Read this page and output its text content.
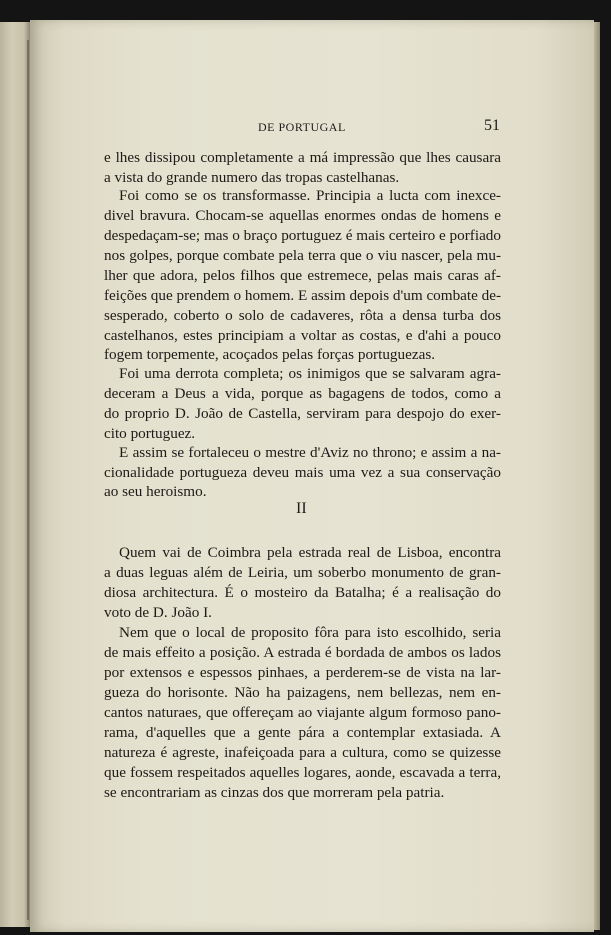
DE PORTUGAL	51
e lhes dissipou completamente a má impressão que lhes causara
a vista do grande numero das tropas castelhanas.
Foi como se os transformasse. Principia a lucta com inexce-
divel bravura. Chocam-se aquellas enormes ondas de homens e
despedaçam-se; mas o braço portuguez é mais certeiro e porfiado
nos golpes, porque combate pela terra que o viu nascer, pela mu-
lher que adora, pelos filhos que estremece, pelas mais caras af-
feições que prendem o homem. E assim depois d'um combate de-
sesperado, coberto o solo de cadaveres, rôta a densa turba dos
castelhanos, estes principiam a voltar as costas, e d'ahi a pouco
fogem torpemente, acoçados pelas forças portuguezas.
Foi uma derrota completa; os inimigos que se salvaram agra-
deceram a Deus a vida, porque as bagagens de todos, como a
do proprio D. João de Castella, serviram para despojo do exer-
cito portuguez.
E assim se fortaleceu o mestre d'Aviz no throno; e assim a na-
cionalidade portugueza deveu mais uma vez a sua conservação
ao seu heroismo.
II
Quem vai de Coimbra pela estrada real de Lisboa, encontra
a duas leguas além de Leiria, um soberbo monumento de gran-
diosa architectura. É o mosteiro da Batalha; é a realisação do
voto de D. João I.
Nem que o local de proposito fôra para isto escolhido, seria
de mais effeito a posição. A estrada é bordada de ambos os lados
por extensos e espessos pinhaes, a perderem-se de vista na lar-
gueza do horisonte. Não ha paizagens, nem bellezas, nem en-
cantos naturaes, que offereçam ao viajante algum formoso pano-
rama, d'aquelles que a gente pára a contemplar extasiada. A
natureza é agreste, inafeiçoada para a cultura, como se quizesse
que fossem respeitados aquelles logares, aonde, escavada a terra,
se encontrariam as cinzas dos que morreram pela patria.
